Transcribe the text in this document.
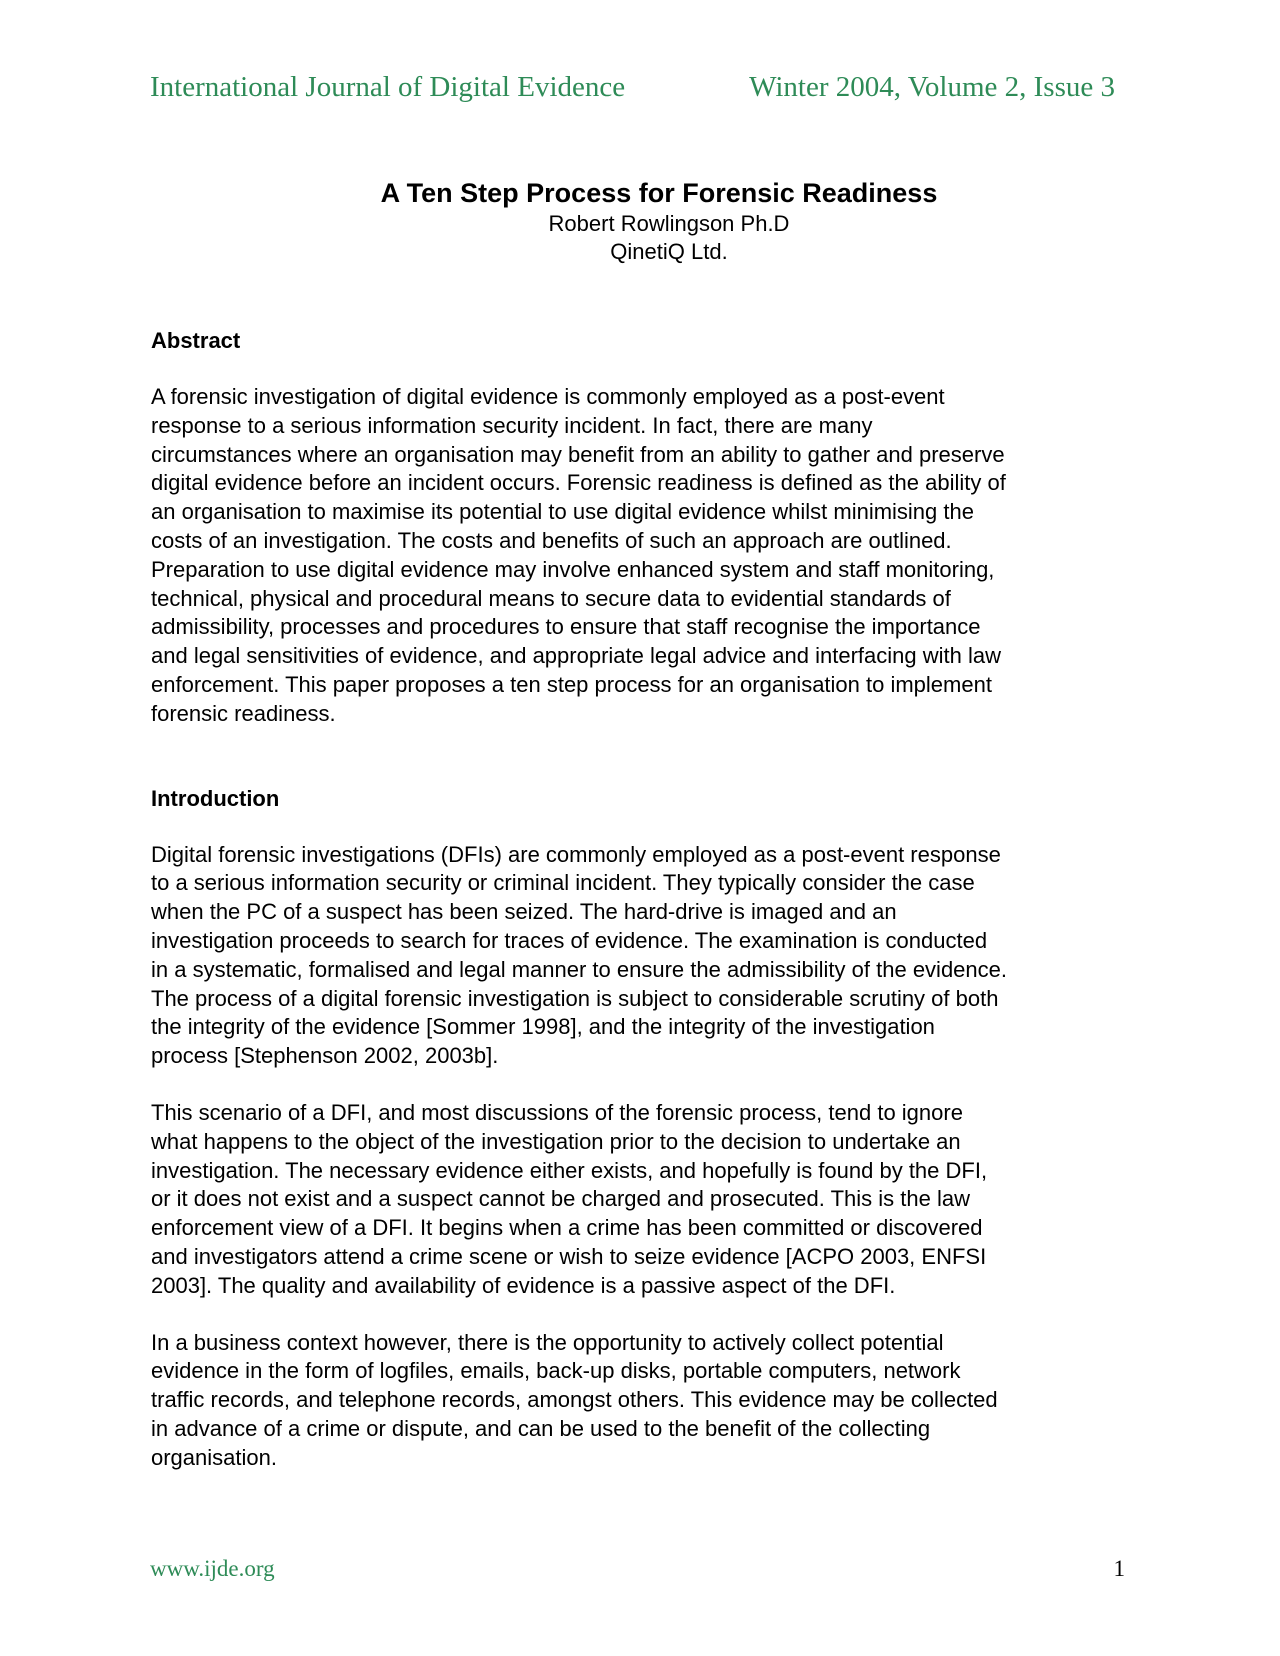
International Journal of Digital Evidence	Winter 2004, Volume 2, Issue 3
A Ten Step Process for Forensic Readiness

Robert Rowlingson Ph.D

QinetiQ Ltd.

Abstract

A forensic investigation of digital evidence is commonly employed as a post-event
response to a serious information security incident. In fact, there are many
circumstances where an organisation may benefit from an ability to gather and preserve
digital evidence before an incident occurs. Forensic readiness is defined as the ability of
an organisation to maximise its potential to use digital evidence whilst minimising the
costs of an investigation. The costs and benefits of such an approach are outlined.
Preparation to use digital evidence may involve enhanced system and staff monitoring,
technical, physical and procedural means to secure data to evidential standards of
admissibility, processes and procedures to ensure that staff recognise the importance
and legal sensitivities of evidence, and appropriate legal advice and interfacing with law
enforcement. This paper proposes a ten step process for an organisation to implement
forensic readiness.

Introduction

Digital forensic investigations (DFIs) are commonly employed as a post-event response
to a serious information security or criminal incident. They typically consider the case
when the PC of a suspect has been seized. The hard-drive is imaged and an
investigation proceeds to search for traces of evidence. The examination is conducted
in a systematic, formalised and legal manner to ensure the admissibility of the evidence.
The process of a digital forensic investigation is subject to considerable scrutiny of both
the integrity of the evidence [Sommer 1998], and the integrity of the investigation
process [Stephenson 2002, 2003b].

This scenario of a DFI, and most discussions of the forensic process, tend to ignore
what happens to the object of the investigation prior to the decision to undertake an
investigation. The necessary evidence either exists, and hopefully is found by the DFI,
or it does not exist and a suspect cannot be charged and prosecuted. This is the law
enforcement view of a DFI. It begins when a crime has been committed or discovered
and investigators attend a crime scene or wish to seize evidence [ACPO 2003, ENFSI
2003]. The quality and availability of evidence is a passive aspect of the DFI.

In a business context however, there is the opportunity to actively collect potential
evidence in the form of logfiles, emails, back-up disks, portable computers, network
traffic records, and telephone records, amongst others. This evidence may be collected
in advance of a crime or dispute, and can be used to the benefit of the collecting
organisation.

www.ijde.org	1
